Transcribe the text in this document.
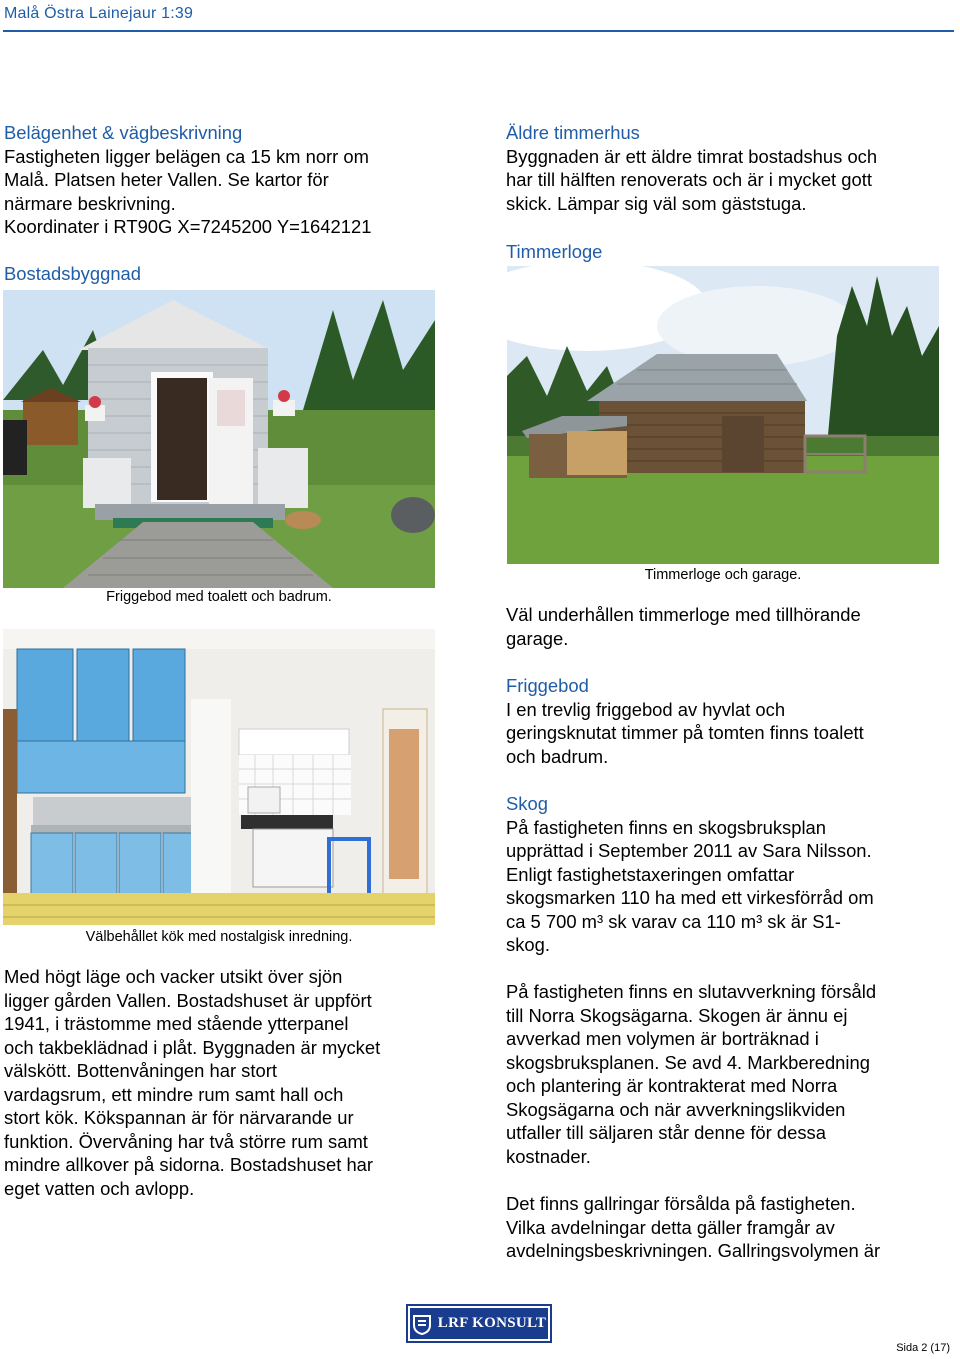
Malå Östra Lainejaur 1:39
Belägenhet & vägbeskrivning
Fastigheten ligger belägen ca 15 km norr om
Malå. Platsen heter Vallen. Se kartor för
närmare beskrivning.
Koordinater i RT90G X=7245200 Y=1642121
Bostadsbyggnad
Friggebod med toalett och badrum.
Välbehållet kök med nostalgisk inredning.
Med högt läge och vacker utsikt över sjön
ligger gården Vallen. Bostadshuset är uppfört
1941, i trästomme med stående ytterpanel
och takbeklädnad i plåt. Byggnaden är mycket
välskött. Bottenvåningen har stort
vardagsrum, ett mindre rum samt hall och
stort kök. Kökspannan är för närvarande ur
funktion. Övervåning har två större rum samt
mindre allkover på sidorna. Bostadshuset har
eget vatten och avlopp.
Äldre timmerhus
Byggnaden är ett äldre timrat bostadshus och
har till hälften renoverats och är i mycket gott
skick. Lämpar sig väl som gäststuga.
Timmerloge
Timmerloge och garage.
Väl underhållen timmerloge med tillhörande
garage.
Friggebod
I en trevlig friggebod av hyvlat och
geringsknutat timmer på tomten finns toalett
och badrum.
Skog
På fastigheten finns en skogsbruksplan
upprättad i September 2011 av Sara Nilsson.
Enligt fastighetstaxeringen omfattar
skogsmarken 110 ha med ett virkesförråd om
ca 5 700 m³ sk varav ca 110 m³ sk är S1-
skog.
På fastigheten finns en slutavverkning försåld
till Norra Skogsägarna. Skogen är ännu ej
avverkad men volymen är borträknad i
skogsbruksplanen. Se avd 4. Markberedning
och plantering är kontrakterat med Norra
Skogsägarna och när avverkningslikviden
utfaller till säljaren står denne för dessa
kostnader.
Det finns gallringar försålda på fastigheten.
Vilka avdelningar detta gäller framgår av
avdelningsbeskrivningen. Gallringsvolymen är
LRF KONSULT
Sida 2 (17)
